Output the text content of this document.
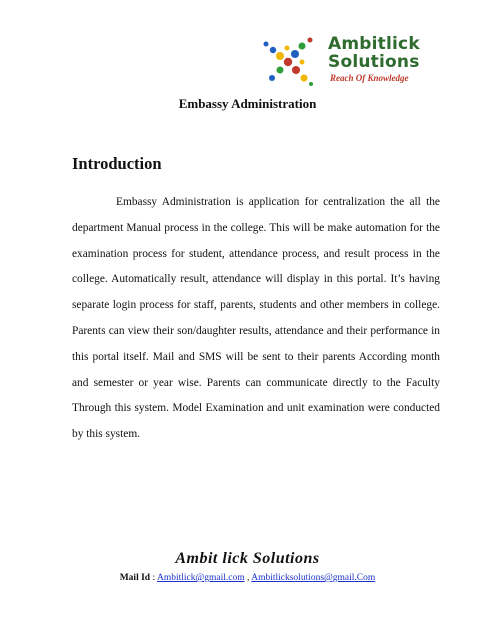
Ambitlick
Solutions
Reach Of Knowledge
Embassy Administration
Introduction

Embassy Administration is application for centralization the all the department Manual process in the college. This will be make automation for the examination process for student, attendance process, and result process in the college. Automatically result, attendance will display in this portal. It’s having separate login process for staff, parents, students and other members in college. Parents can view their son/daughter results, attendance and their performance in this portal itself. Mail and SMS will be sent to their parents According month and semester or year wise. Parents can communicate directly to the Faculty Through this system. Model Examination and unit examination were conducted by this system.

Ambit lick Solutions
Mail Id : Ambitlick@gmail.com , Ambitlicksolutions@gmail.Com
